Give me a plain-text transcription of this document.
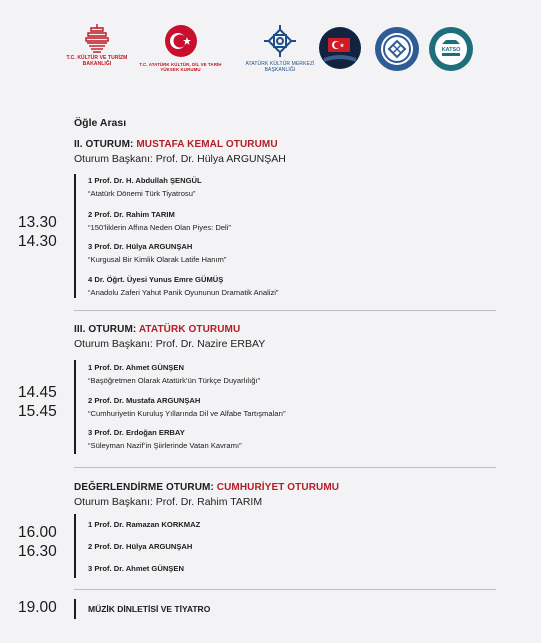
T.C. KÜLTÜR VE TURİZM BAKANLIĞI	T.C. ATATÜRK KÜLTÜR, DİL VE TARİH YÜKSEK KURUMU
ATATÜRK KÜLTÜR MERKEZİ BAŞKANLIĞI
KATSO
Öğle Arası
II. OTURUM: MUSTAFA KEMAL OTURUMU
Oturum Başkanı: Prof. Dr. Hülya ARGUNŞAH
13.30
14.30
1 Prof. Dr. H. Abdullah ŞENGÜL
“Atatürk Dönemi Türk Tiyatrosu”
2 Prof. Dr. Rahim TARIM
“150’liklerin Affına Neden Olan Piyes: Deli”
3 Prof. Dr. Hülya ARGUNŞAH
“Kurgusal Bir Kimlik Olarak Latife Hanım”
4 Dr. Öğrt. Üyesi Yunus Emre GÜMÜŞ
“Anadolu Zaferi Yahut Panik Oyununun Dramatik Analizi”
III. OTURUM: ATATÜRK OTURUMU
Oturum Başkanı: Prof. Dr. Nazire ERBAY
14.45
15.45
1 Prof. Dr. Ahmet GÜNŞEN
“Başöğretmen Olarak Atatürk’ün Türkçe Duyarlılığı”
2 Prof. Dr. Mustafa ARGUNŞAH
“Cumhuriyetin Kuruluş Yıllarında Dil ve Alfabe Tartışmaları”
3 Prof. Dr. Erdoğan ERBAY
“Süleyman Nazif’in Şiirlerinde Vatan Kavramı”
DEĞERLENDİRME OTURUM: CUMHURİYET OTURUMU
Oturum Başkanı: Prof. Dr. Rahim TARIM
16.00
16.30
1 Prof. Dr. Ramazan KORKMAZ
2 Prof. Dr. Hülya ARGUNŞAH
3 Prof. Dr. Ahmet GÜNŞEN
19.00	MÜZİK DİNLETİSİ VE TİYATRO
